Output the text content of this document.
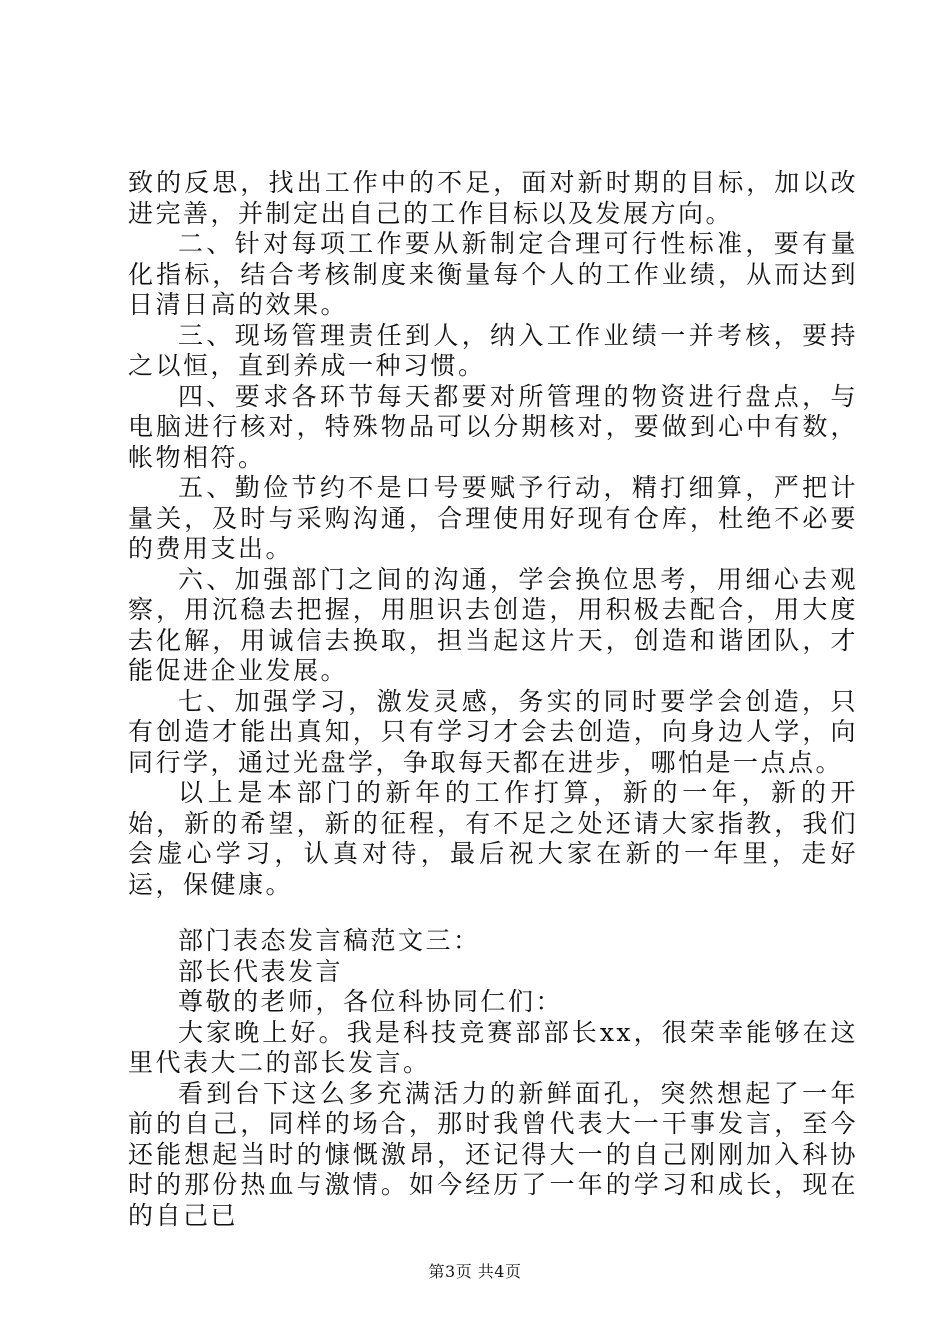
致的反思，找出工作中的不足，面对新时期的目标，加以改进完善，并制定出自己的工作目标以及发展方向。

二、针对每项工作要从新制定合理可行性标准，要有量化指标，结合考核制度来衡量每个人的工作业绩，从而达到日清日高的效果。

三、现场管理责任到人，纳入工作业绩一并考核，要持之以恒，直到养成一种习惯。

四、要求各环节每天都要对所管理的物资进行盘点，与电脑进行核对，特殊物品可以分期核对，要做到心中有数，帐物相符。

五、勤俭节约不是口号要赋予行动，精打细算，严把计量关，及时与采购沟通，合理使用好现有仓库，杜绝不必要的费用支出。

六、加强部门之间的沟通，学会换位思考，用细心去观察，用沉稳去把握，用胆识去创造，用积极去配合，用大度去化解，用诚信去换取，担当起这片天，创造和谐团队，才能促进企业发展。

七、加强学习，激发灵感，务实的同时要学会创造，只有创造才能出真知，只有学习才会去创造，向身边人学，向同行学，通过光盘学，争取每天都在进步，哪怕是一点点。

以上是本部门的新年的工作打算，新的一年，新的开始，新的希望，新的征程，有不足之处还请大家指教，我们会虚心学习，认真对待，最后祝大家在新的一年里，走好运，保健康。

部门表态发言稿范文三：

部长代表发言

尊敬的老师，各位科协同仁们：

大家晚上好。我是科技竞赛部部长xx，很荣幸能够在这里代表大二的部长发言。

看到台下这么多充满活力的新鲜面孔，突然想起了一年前的自己，同样的场合，那时我曾代表大一干事发言，至今还能想起当时的慷慨激昂，还记得大一的自己刚刚加入科协时的那份热血与激情。如今经历了一年的学习和成长，现在的自己已

第3页 共4页
